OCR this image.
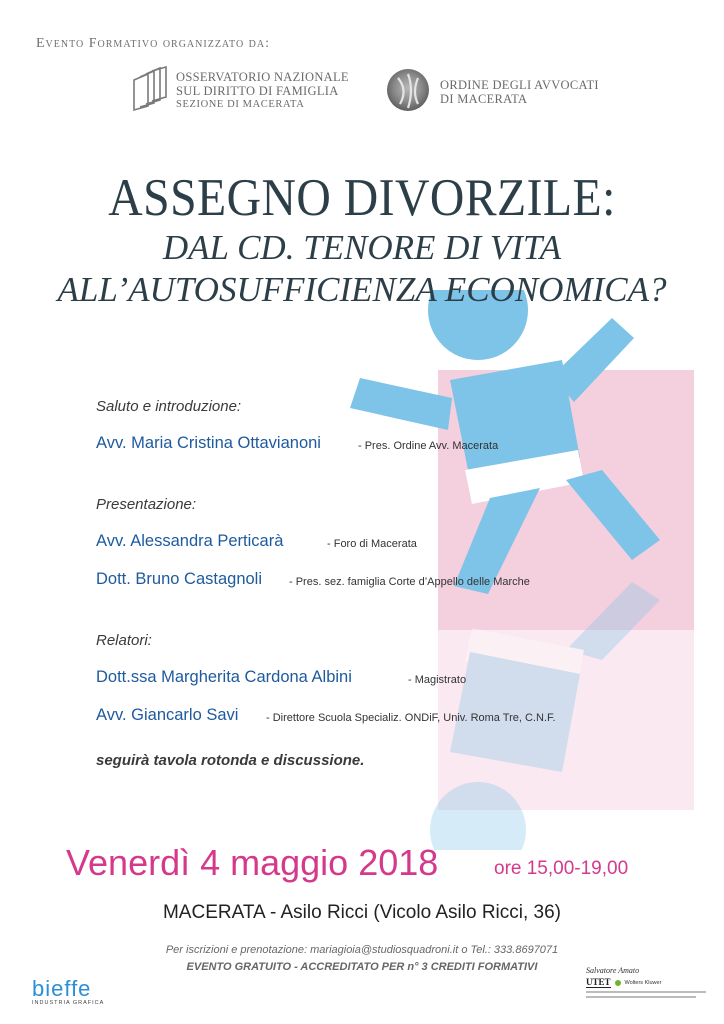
Evento Formativo organizzato da:
OSSERVATORIO NAZIONALE
SUL DIRITTO DI FAMIGLIA
SEZIONE DI MACERATA
ORDINE DEGLI AVVOCATI
DI MACERATA
ASSEGNO DIVORZILE:
DAL CD. TENORE DI VITA
ALL’AUTOSUFFICIENZA ECONOMICA?
Saluto e introduzione:
Avv. Maria Cristina Ottavianoni	- Pres. Ordine Avv. Macerata
Presentazione:
Avv. Alessandra Perticarà	- Foro di Macerata
Dott. Bruno Castagnoli - Pres. sez. famiglia Corte d’Appello delle Marche
Relatori:
Dott.ssa Margherita Cardona Albini	- Magistrato
Avv. Giancarlo Savi	- Direttore Scuola Specializ. ONDiF, Univ. Roma Tre, C.N.F.
seguirà tavola rotonda e discussione.
Venerdì 4 maggio 2018	ore 15,00-19,00
MACERATA - Asilo Ricci (Vicolo Asilo Ricci, 36)
Per iscrizioni e prenotazione: mariagioia@studiosquadroni.it o Tel.: 333.8697071
EVENTO GRATUITO - ACCREDITATO PER n° 3 CREDITI FORMATIVI
bieffe
INDUSTRIA GRAFICA

Salvatore Amato
UTET	Wolters Kluwer
